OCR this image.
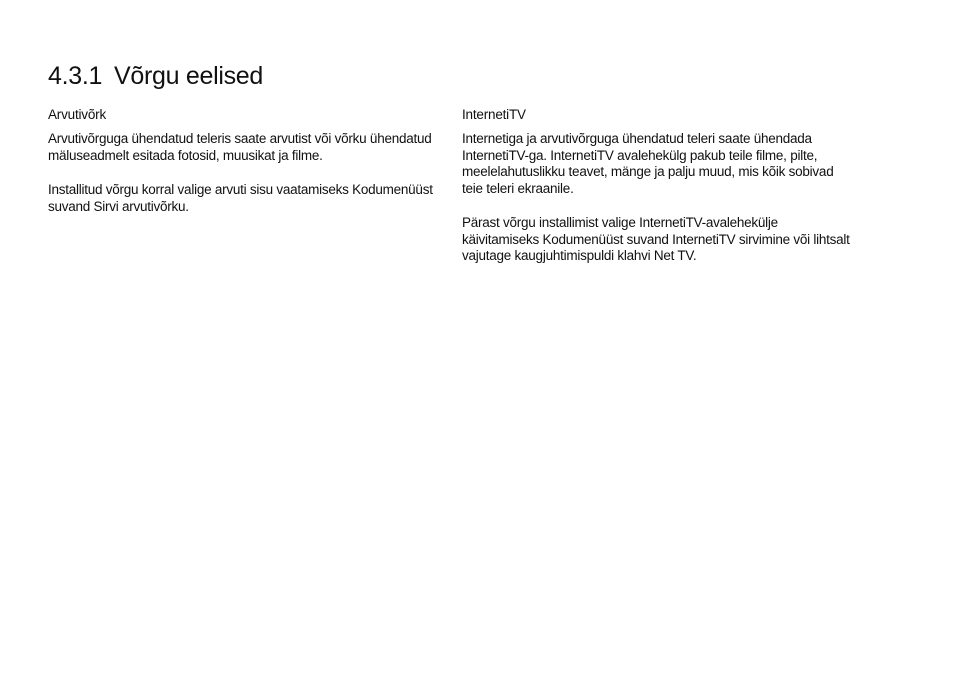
4.3.1 Võrgu eelised
Arvutivõrk

Arvutivõrguga ühendatud teleris saate arvutist või võrku ühendatud mäluseadmelt esitada fotosid, muusikat ja filme.

Installitud võrgu korral valige arvuti sisu vaatamiseks Kodumenüüst suvand Sirvi arvutivõrku.

InternetiTV

Internetiga ja arvutivõrguga ühendatud teleri saate ühendada InternetiTV-ga. InternetiTV avalehekülg pakub teile filme, pilte, meelelahutuslikku teavet, mänge ja palju muud, mis kõik sobivad teie teleri ekraanile.

Pärast võrgu installimist valige InternetiTV-avalehekülje käivitamiseks Kodumenüüst suvand InternetiTV sirvimine või lihtsalt vajutage kaugjuhtimispuldi klahvi Net TV.
